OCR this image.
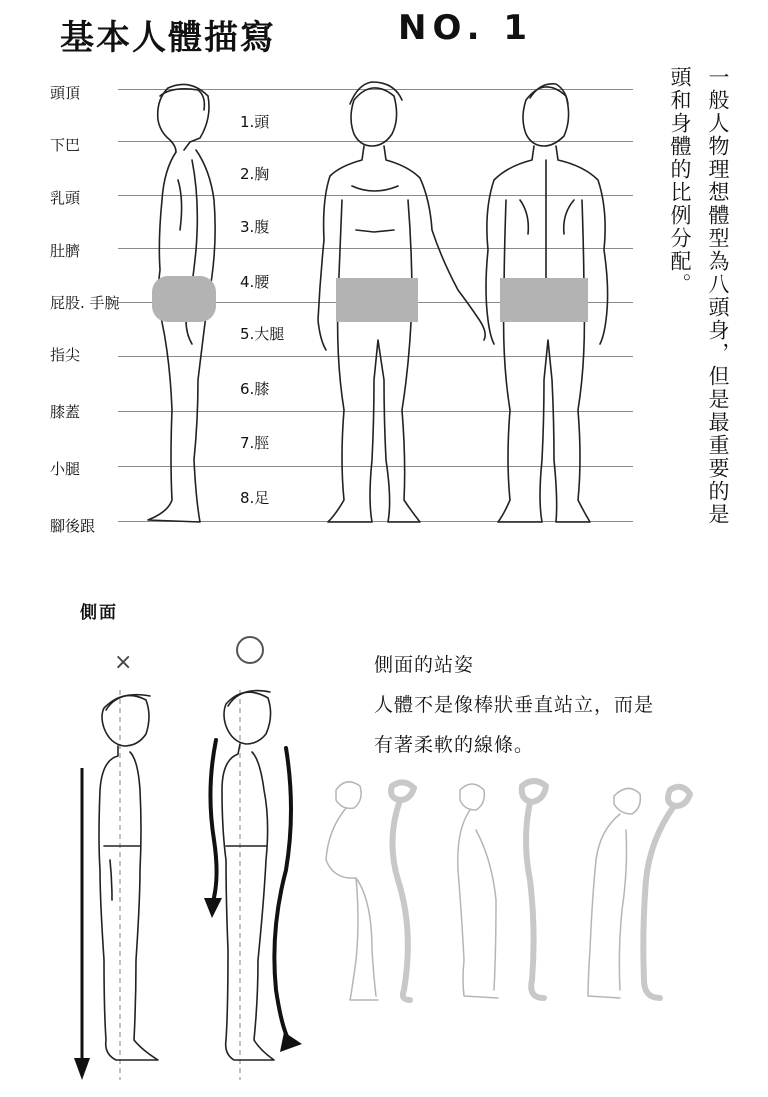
基本人體描寫	NO. 1
頭頂
下巴
乳頭
肚臍
屁股. 手腕
指尖
膝蓋
小腿
腳後跟
1.頭
2.胸
3.腹
4.腰
5.大腿
6.膝
7.脛
8.足	一般人物理想體型為八頭身，但是最重要的是
頭和身體的比例分配。
側面
×	側面的站姿
人體不是像棒狀垂直站立，而是
有著柔軟的線條。
